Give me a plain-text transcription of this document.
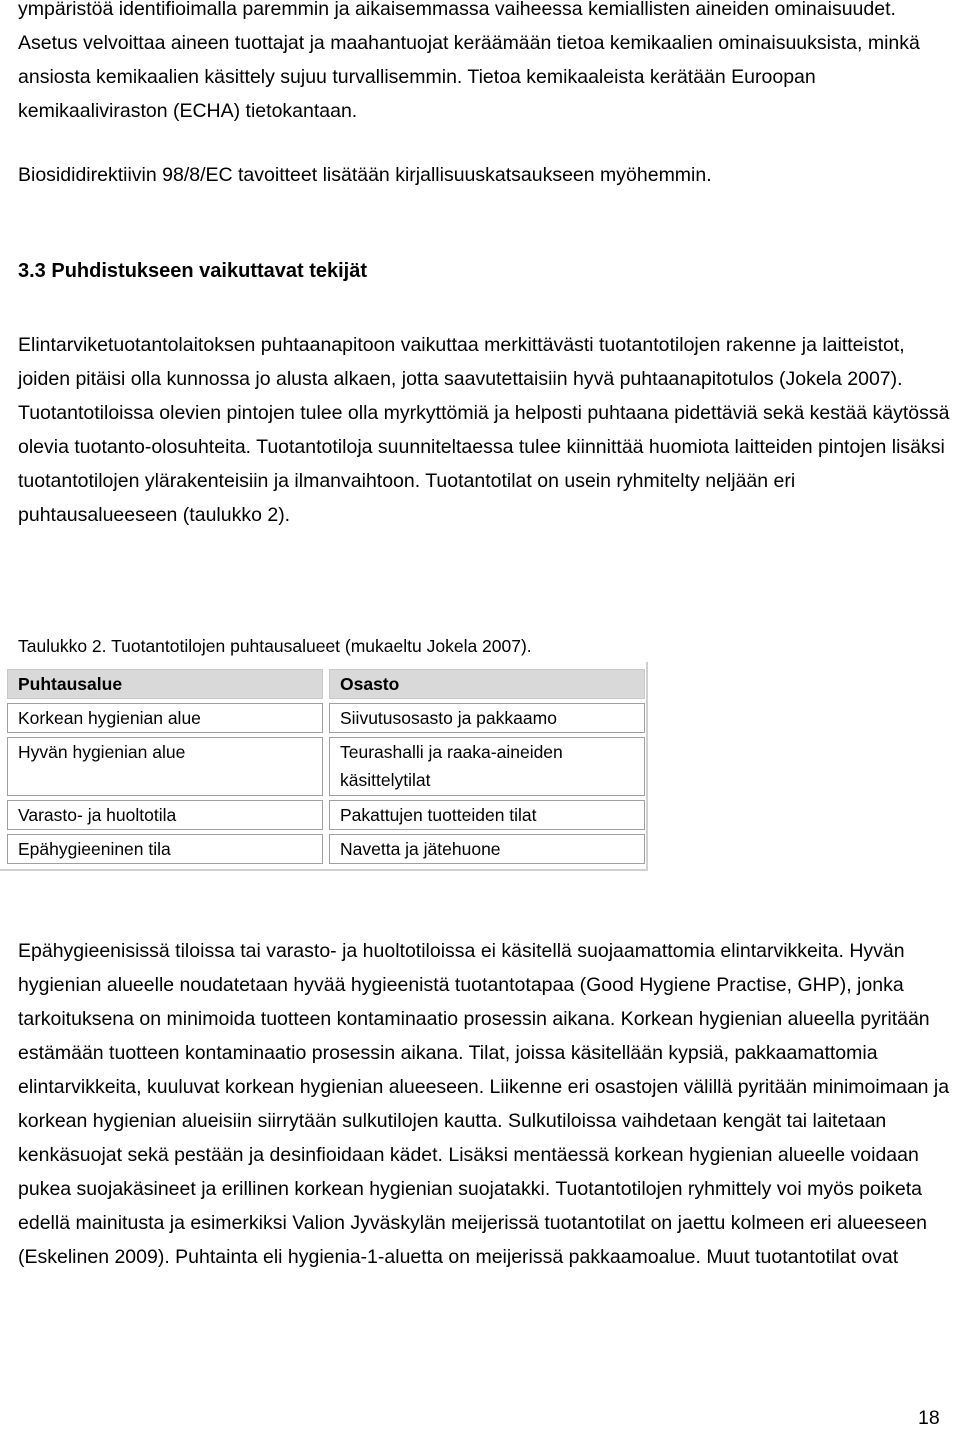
ympäristöä identifioimalla paremmin ja aikaisemmassa vaiheessa kemiallisten aineiden ominaisuudet. Asetus velvoittaa aineen tuottajat ja maahantuojat keräämään tietoa kemikaalien ominaisuuksista, minkä ansiosta kemikaalien käsittely sujuu turvallisemmin. Tietoa kemikaaleista kerätään Euroopan kemikaaliviraston (ECHA) tietokantaan.

Biosididirektiivin 98/8/EC tavoitteet lisätään kirjallisuuskatsaukseen myöhemmin.

3.3 Puhdistukseen vaikuttavat tekijät

Elintarviketuotantolaitoksen puhtaanapitoon vaikuttaa merkittävästi tuotantotilojen rakenne ja laitteistot, joiden pitäisi olla kunnossa jo alusta alkaen, jotta saavutettaisiin hyvä puhtaanapitotulos (Jokela 2007). Tuotantotiloissa olevien pintojen tulee olla myrkyttömiä ja helposti puhtaana pidettäviä sekä kestää käytössä olevia tuotanto-olosuhteita. Tuotantotiloja suunniteltaessa tulee kiinnittää huomiota laitteiden pintojen lisäksi tuotantotilojen ylärakenteisiin ja ilmanvaihtoon. Tuotantotilat on usein ryhmitelty neljään eri puhtausalueeseen (taulukko 2).

Taulukko 2. Tuotantotilojen puhtausalueet (mukaeltu Jokela 2007).

Puhtausalue	Osasto
Korkean hygienian alue	Siivutusosasto ja pakkaamo
Hyvän hygienian alue	Teurashalli ja raaka-aineiden käsittelytilat
Varasto- ja huoltotila	Pakattujen tuotteiden tilat
Epähygieeninen tila	Navetta ja jätehuone

Epähygieenisissä tiloissa tai varasto- ja huoltotiloissa ei käsitellä suojaamattomia elintarvikkeita. Hyvän hygienian alueelle noudatetaan hyvää hygieenistä tuotantotapaa (Good Hygiene Practise, GHP), jonka tarkoituksena on minimoida tuotteen kontaminaatio prosessin aikana. Korkean hygienian alueella pyritään estämään tuotteen kontaminaatio prosessin aikana. Tilat, joissa käsitellään kypsiä, pakkaamattomia elintarvikkeita, kuuluvat korkean hygienian alueeseen. Liikenne eri osastojen välillä pyritään minimoimaan ja korkean hygienian alueisiin siirrytään sulkutilojen kautta. Sulkutiloissa vaihdetaan kengät tai laitetaan kenkäsuojat sekä pestään ja desinfioidaan kädet. Lisäksi mentäessä korkean hygienian alueelle voidaan pukea suojakäsineet ja erillinen korkean hygienian suojatakki. Tuotantotilojen ryhmittely voi myös poiketa edellä mainitusta ja esimerkiksi Valion Jyväskylän meijerissä tuotantotilat on jaettu kolmeen eri alueeseen (Eskelinen 2009). Puhtainta eli hygienia-1-aluetta on meijerissä pakkaamoalue. Muut tuotantotilat ovat

18
